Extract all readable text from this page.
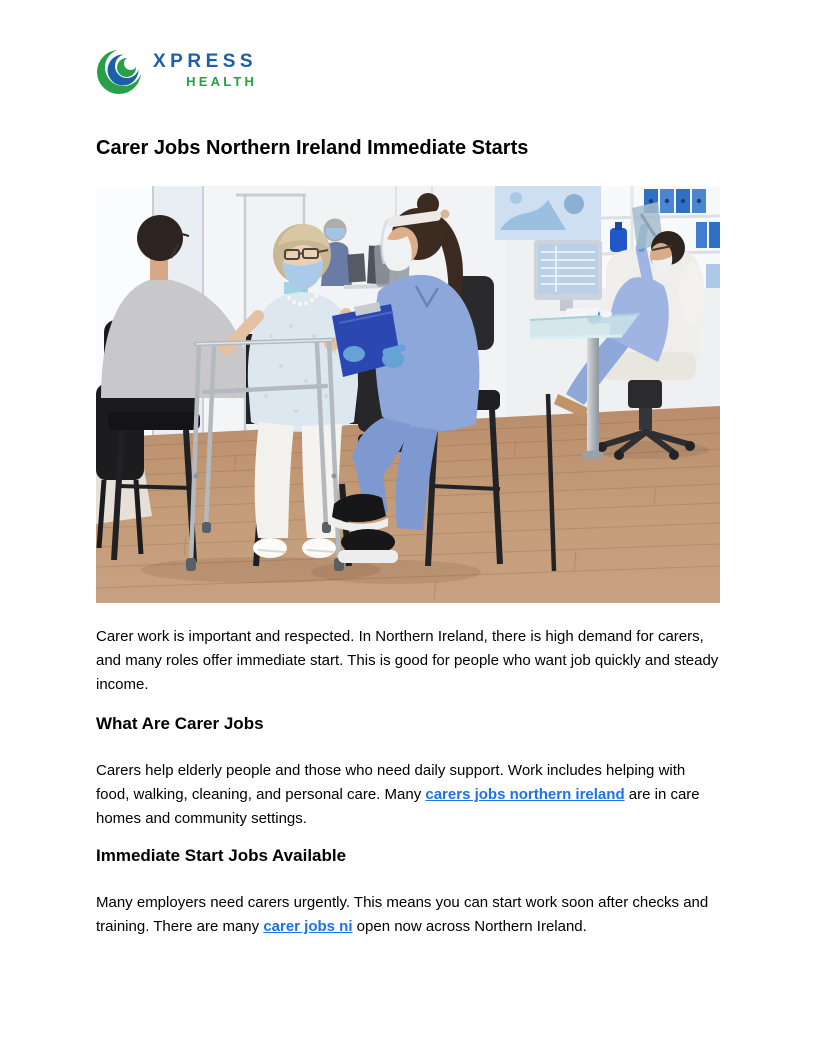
XPRESS
HEALTH
Carer Jobs Northern Ireland Immediate Starts

Carer work is important and respected. In Northern Ireland, there is high demand for carers, and many roles offer immediate start. This is good for people who want job quickly and steady income.

What Are Carer Jobs

Carers help elderly people and those who need daily support. Work includes helping with food, walking, cleaning, and personal care. Many carers jobs northern ireland are in care homes and community settings.

Immediate Start Jobs Available

Many employers need carers urgently. This means you can start work soon after checks and training. There are many carer jobs ni open now across Northern Ireland.
